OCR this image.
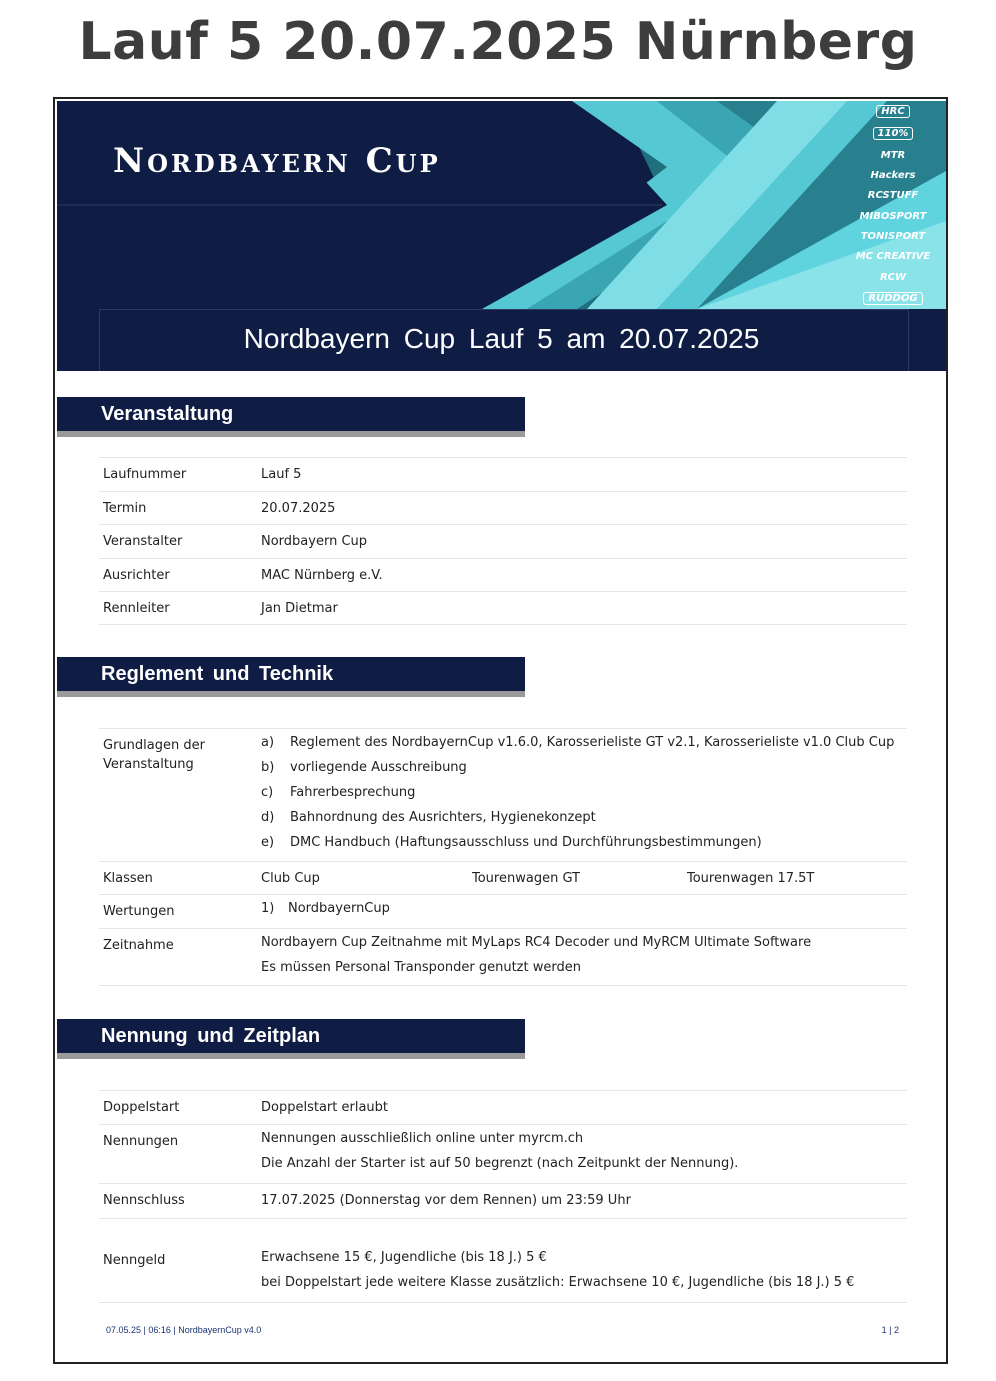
Lauf 5 20.07.2025 Nürnberg
Nordbayern Cup
HRC
110%
MTR
Hackers
RCSTUFF
MIBOSPORT
TONISPORT
MC CREATIVE
RCW
RUDDOG
Nordbayern Cup Lauf 5 am 20.07.2025
Veranstaltung
Laufnummer	Lauf 5
Termin	20.07.2025
Veranstalter	Nordbayern Cup
Ausrichter	MAC Nürnberg e.V.
Rennleiter	Jan Dietmar
Reglement und Technik
Grundlagen der Veranstaltung
a)	Reglement des NordbayernCup v1.6.0, Karosserieliste GT v2.1, Karosserieliste v1.0 Club Cup
b)	vorliegende Ausschreibung
c)	Fahrerbesprechung
d)	Bahnordnung des Ausrichters, Hygienekonzept
e)	DMC Handbuch (Haftungsausschluss und Durchführungsbestimmungen)
Klassen	Club Cup	Tourenwagen GT	Tourenwagen 17.5T
Wertungen	1)	NordbayernCup
Zeitnahme	Nordbayern Cup Zeitnahme mit MyLaps RC4 Decoder und MyRCM Ultimate Software
Es müssen Personal Transponder genutzt werden
Nennung und Zeitplan
Doppelstart	Doppelstart erlaubt
Nennungen	Nennungen ausschließlich online unter myrcm.ch
Die Anzahl der Starter ist auf 50 begrenzt (nach Zeitpunkt der Nennung).
Nennschluss	17.07.2025 (Donnerstag vor dem Rennen) um 23:59 Uhr
Nenngeld	Erwachsene 15 €, Jugendliche (bis 18 J.) 5 €
bei Doppelstart jede weitere Klasse zusätzlich: Erwachsene 10 €, Jugendliche (bis 18 J.) 5 €
07.05.25 | 06:16 | NordbayernCup v4.0	1 | 2
